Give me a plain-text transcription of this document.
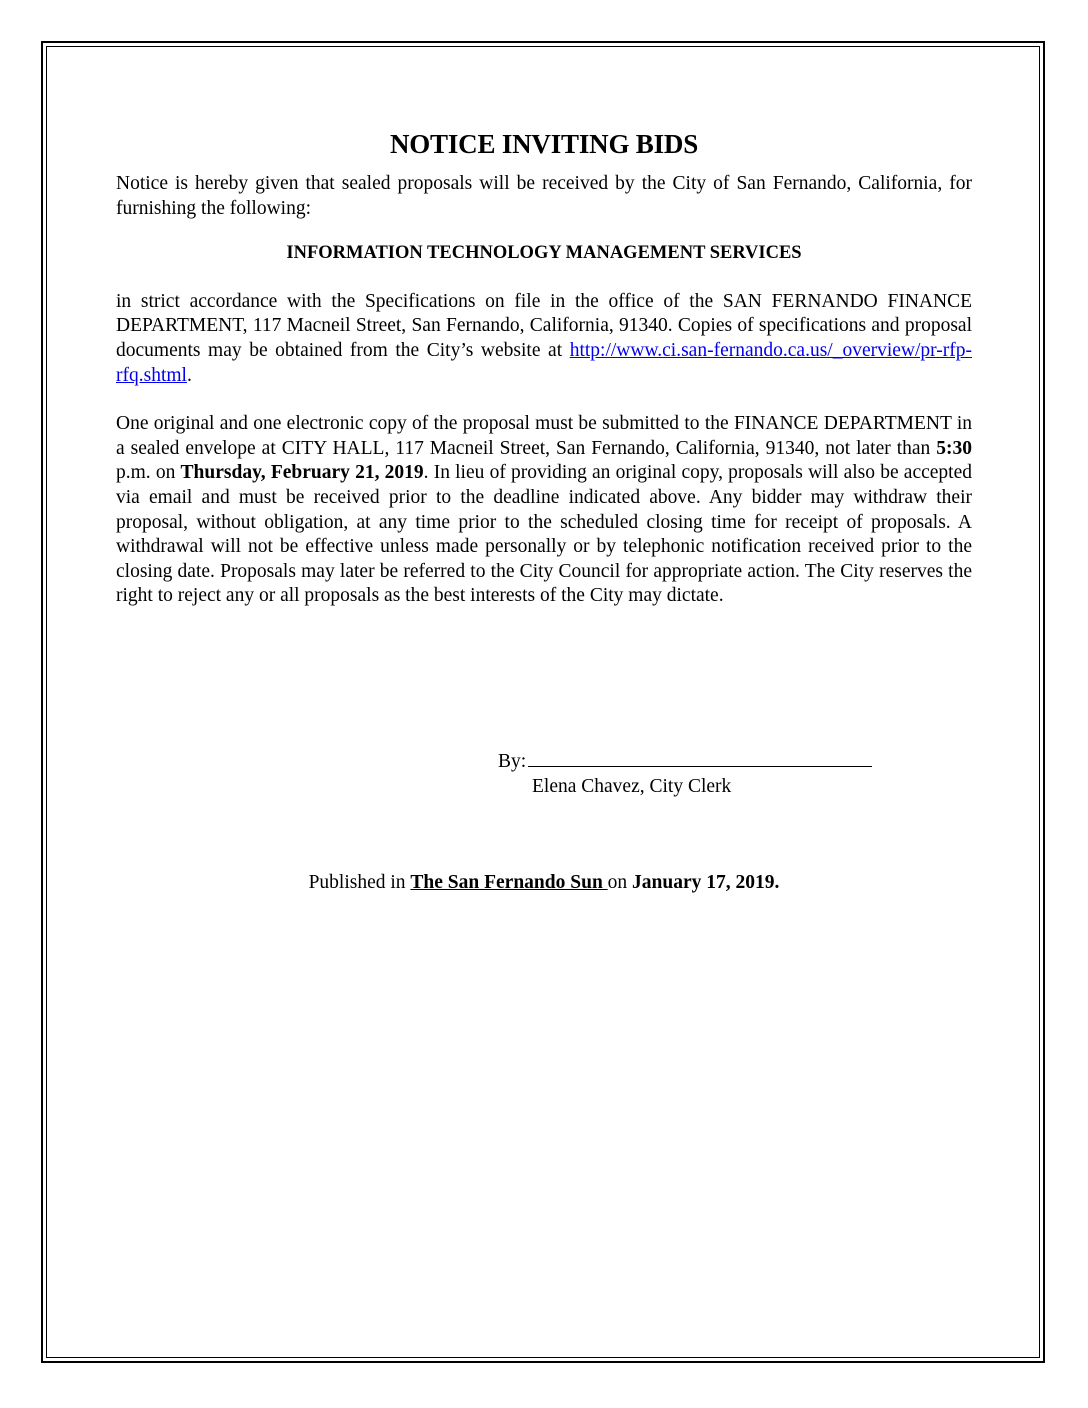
NOTICE INVITING BIDS

Notice is hereby given that sealed proposals will be received by the City of San Fernando, California, for furnishing the following:

INFORMATION TECHNOLOGY MANAGEMENT SERVICES

in strict accordance with the Specifications on file in the office of the SAN FERNANDO FINANCE DEPARTMENT, 117 Macneil Street, San Fernando, California, 91340. Copies of specifications and proposal documents may be obtained from the City’s website at http://www.ci.san-fernando.ca.us/_overview/pr-rfp-rfq.shtml.

One original and one electronic copy of the proposal must be submitted to the FINANCE DEPARTMENT in a sealed envelope at CITY HALL, 117 Macneil Street, San Fernando, California, 91340, not later than 5:30 p.m. on Thursday, February 21, 2019. In lieu of providing an original copy, proposals will also be accepted via email and must be received prior to the deadline indicated above. Any bidder may withdraw their proposal, without obligation, at any time prior to the scheduled closing time for receipt of proposals. A withdrawal will not be effective unless made personally or by telephonic notification received prior to the closing date. Proposals may later be referred to the City Council for appropriate action. The City reserves the right to reject any or all proposals as the best interests of the City may dictate.

By:
Elena Chavez, City Clerk
Published in The San Fernando Sun on January 17, 2019.
